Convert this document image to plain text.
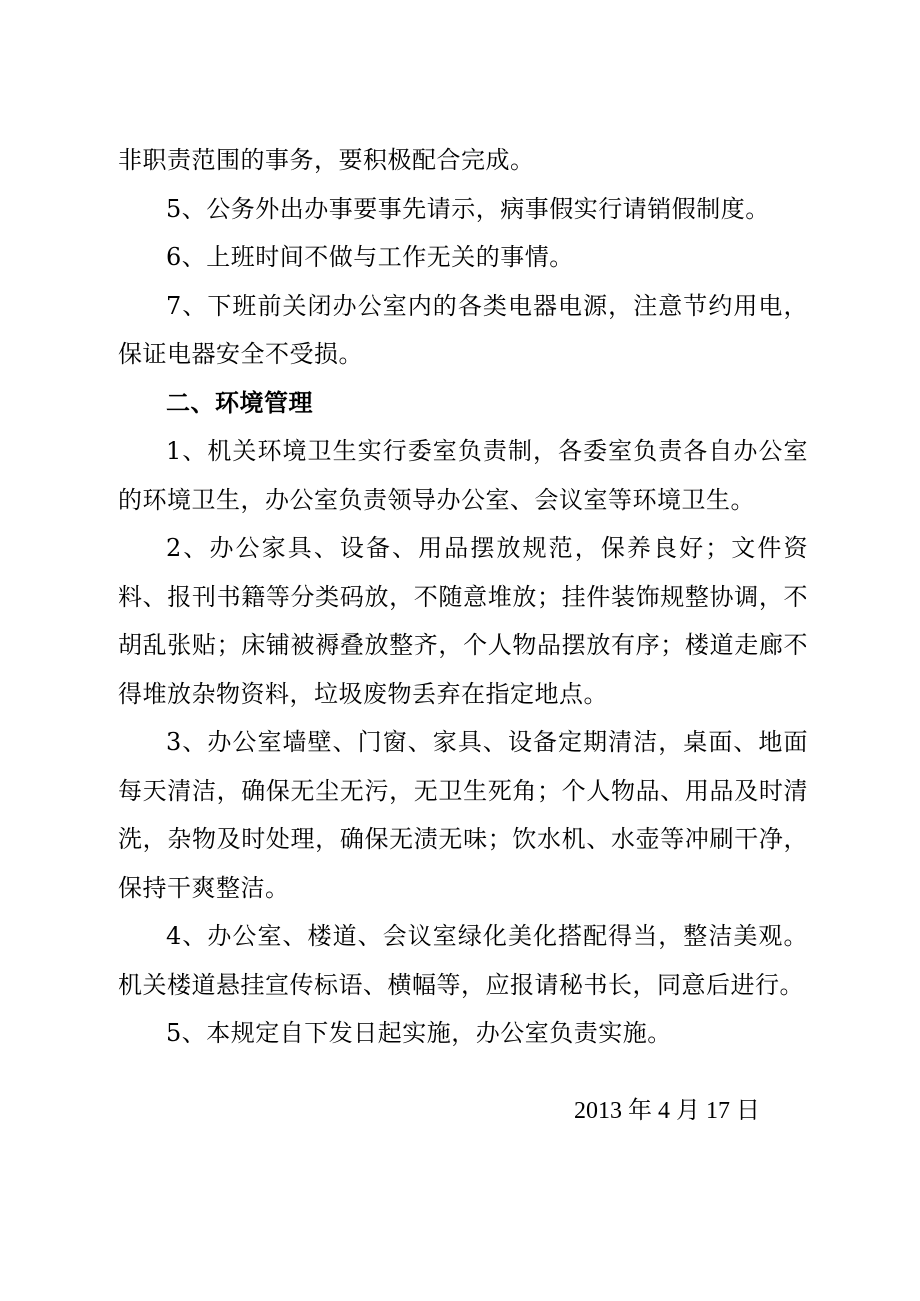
非职责范围的事务，要积极配合完成。

5、公务外出办事要事先请示，病事假实行请销假制度。

6、上班时间不做与工作无关的事情。

7、下班前关闭办公室内的各类电器电源，注意节约用电，保证电器安全不受损。

二、环境管理

1、机关环境卫生实行委室负责制，各委室负责各自办公室的环境卫生，办公室负责领导办公室、会议室等环境卫生。

2、办公家具、设备、用品摆放规范，保养良好；文件资料、报刊书籍等分类码放，不随意堆放；挂件装饰规整协调，不胡乱张贴；床铺被褥叠放整齐，个人物品摆放有序；楼道走廊不得堆放杂物资料，垃圾废物丢弃在指定地点。

3、办公室墙壁、门窗、家具、设备定期清洁，桌面、地面每天清洁，确保无尘无污，无卫生死角；个人物品、用品及时清洗，杂物及时处理，确保无渍无味；饮水机、水壶等冲刷干净，保持干爽整洁。

4、办公室、楼道、会议室绿化美化搭配得当，整洁美观。机关楼道悬挂宣传标语、横幅等，应报请秘书长，同意后进行。

5、本规定自下发日起实施，办公室负责实施。

2013 年 4 月 17 日
